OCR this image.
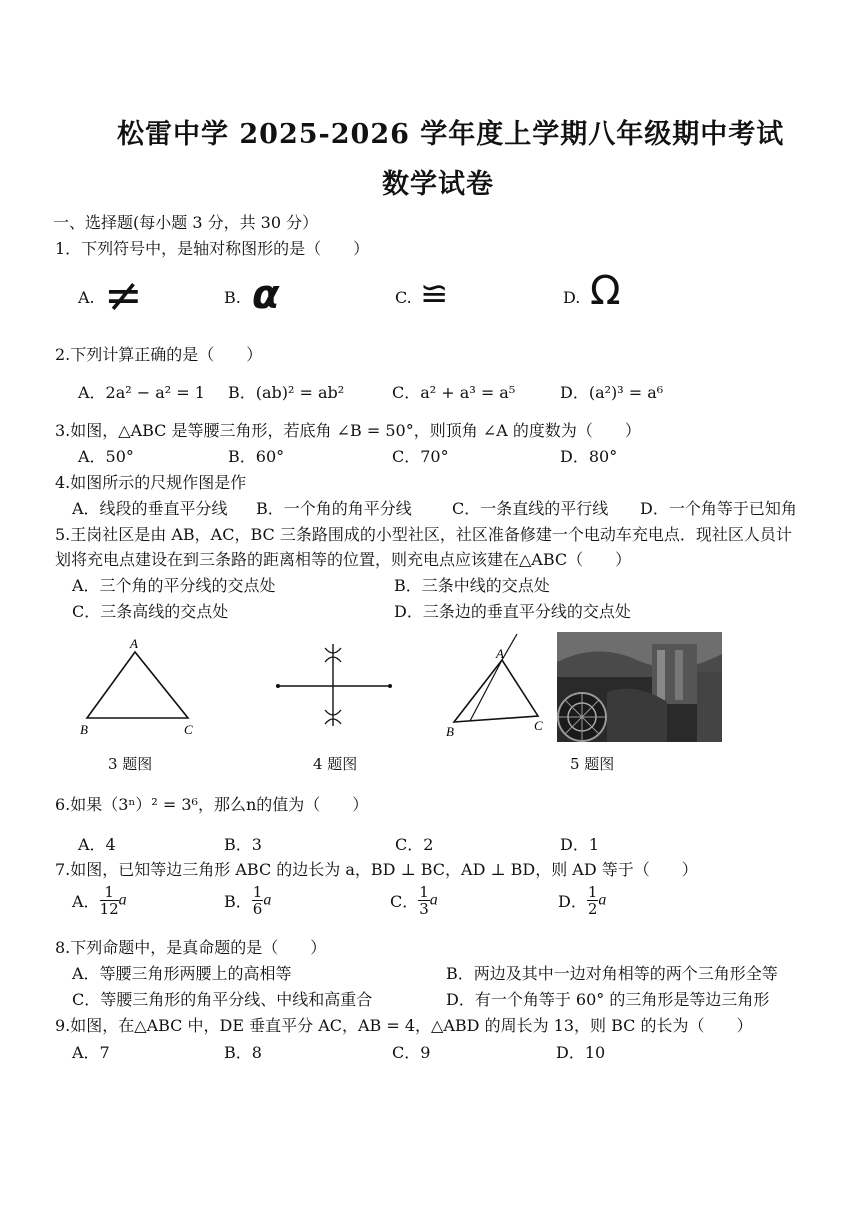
松雷中学 2025-2026 学年度上学期八年级期中考试
数学试卷
一、选择题(每小题 3 分，共 30 分）
1．下列符号中，是轴对称图形的是（　　）
A. ≠	B. α	C. ≌	D. Ω
2.下列计算正确的是（　　）
A．2a² − a² = 1 B．(ab)² = ab²	C．a² + a³ = a⁵	D．(a²)³ = a⁶
3.如图，△ABC 是等腰三角形，若底角 ∠B = 50°，则顶角 ∠A 的度数为（　　）
A．50°	B．60°	C．70°	D．80°
4.如图所示的尺规作图是作
A．线段的垂直平分线 B．一个角的角平分线	C．一条直线的平行线 D．一个角等于已知角
5.王岗社区是由 AB，AC，BC 三条路围成的小型社区，社区准备修建一个电动车充电点．现社区人员计
划将充电点建设在到三条路的距离相等的位置，则充电点应该建在△ABC（　　）
A．三个角的平分线的交点处	B．三条中线的交点处
C．三条高线的交点处	D．三条边的垂直平分线的交点处
A
B	C
3 题图	4 题图
A
B	C
5 题图
6.如果（3ⁿ）² = 3⁶，那么n的值为（　　）
A．4	B．3	C．2	D．1
7.如图，已知等边三角形 ABC 的边长为 a，BD ⊥ BC，AD ⊥ BD，则 AD 等于（　　）
A． $\frac{1}{12}$ a	B． $\frac{1}{6}$ a	C． $\frac{1}{3}$ a	D． $\frac{1}{2}$ a
8.下列命题中，是真命题的是（　　）
A．等腰三角形两腰上的高相等	B．两边及其中一边对角相等的两个三角形全等
C．等腰三角形的角平分线、中线和高重合	D．有一个角等于 60° 的三角形是等边三角形
9.如图，在△ABC 中，DE 垂直平分 AC，AB = 4，△ABD 的周长为 13，则 BC 的长为（　　）
A．7	B．8	C．9	D．10
